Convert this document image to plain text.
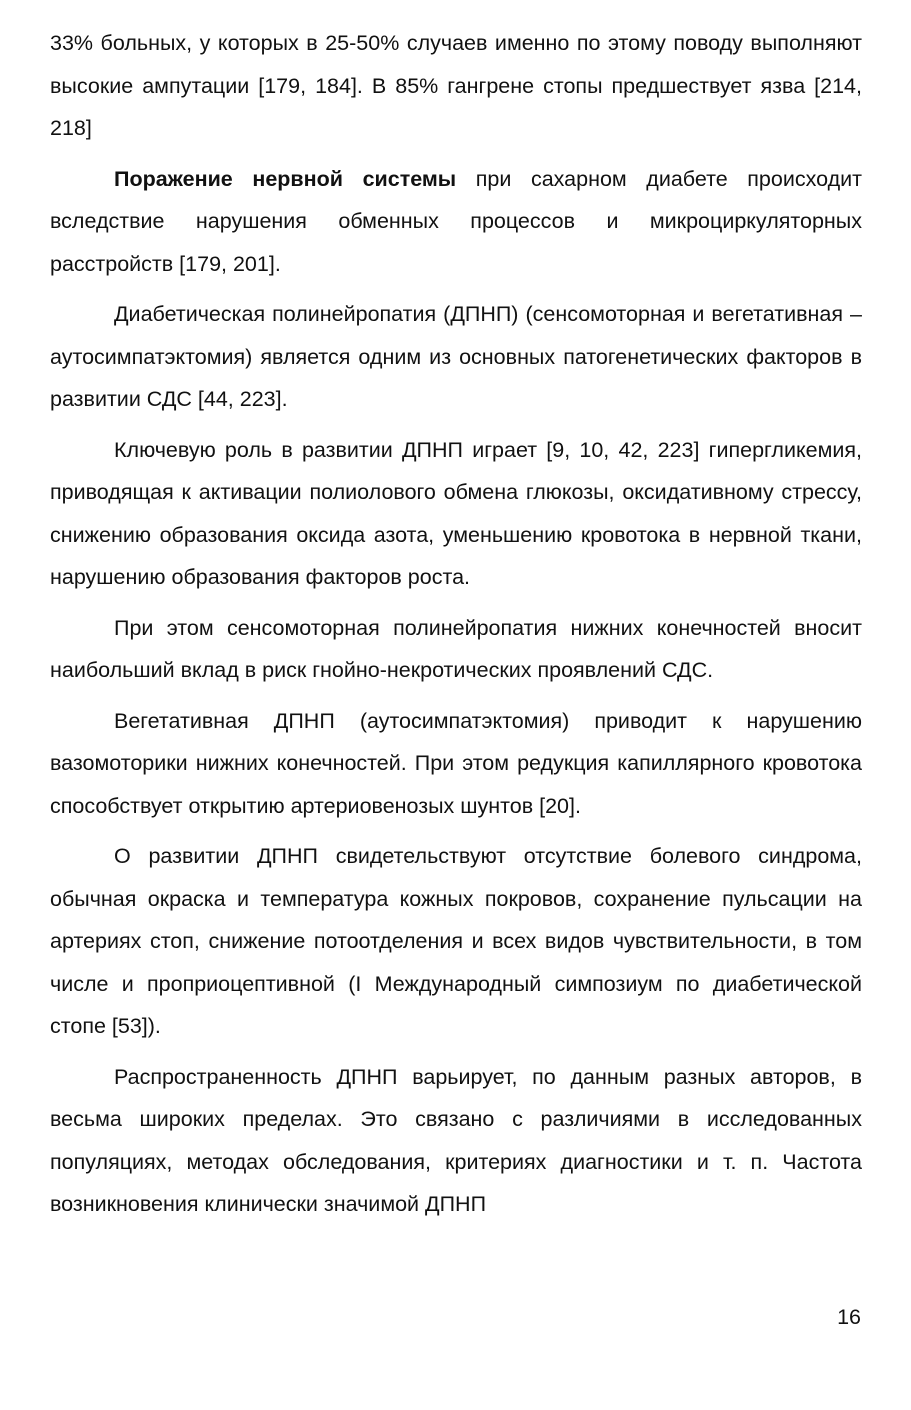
33% больных, у которых в 25-50% случаев именно по этому поводу выполняют высокие ампутации [179, 184]. В 85% гангрене стопы предшествует язва [214, 218]

Поражение нервной системы при сахарном диабете происходит вследствие нарушения обменных процессов и микроциркуляторных расстройств [179, 201].

Диабетическая полинейропатия (ДПНП) (сенсомоторная и вегетативная – аутосимпатэктомия) является одним из основных патогенетических факторов в развитии СДС [44, 223].

Ключевую роль в развитии ДПНП играет [9, 10, 42, 223] гипергликемия, приводящая к активации полиолового обмена глюкозы, оксидативному стрессу, снижению образования оксида азота, уменьшению кровотока в нервной ткани, нарушению образования факторов роста.

При этом сенсомоторная полинейропатия нижних конечностей вносит наибольший вклад в риск гнойно-некротических проявлений СДС.

Вегетативная ДПНП (аутосимпатэктомия) приводит к нарушению вазомоторики нижних конечностей. При этом редукция капиллярного кровотока способствует открытию артериовенозых шунтов [20].

О развитии ДПНП свидетельствуют отсутствие болевого синдрома, обычная окраска и температура кожных покровов, сохранение пульсации на артериях стоп, снижение потоотделения и всех видов чувствительности, в том числе и проприоцептивной (I Международный симпозиум по диабетической стопе [53]).

Распространенность ДПНП варьирует, по данным разных авторов, в весьма широких пределах. Это связано с различиями в исследованных популяциях, методах обследования, критериях диагностики и т. п. Частота возникновения клинически значимой ДПНП

16
